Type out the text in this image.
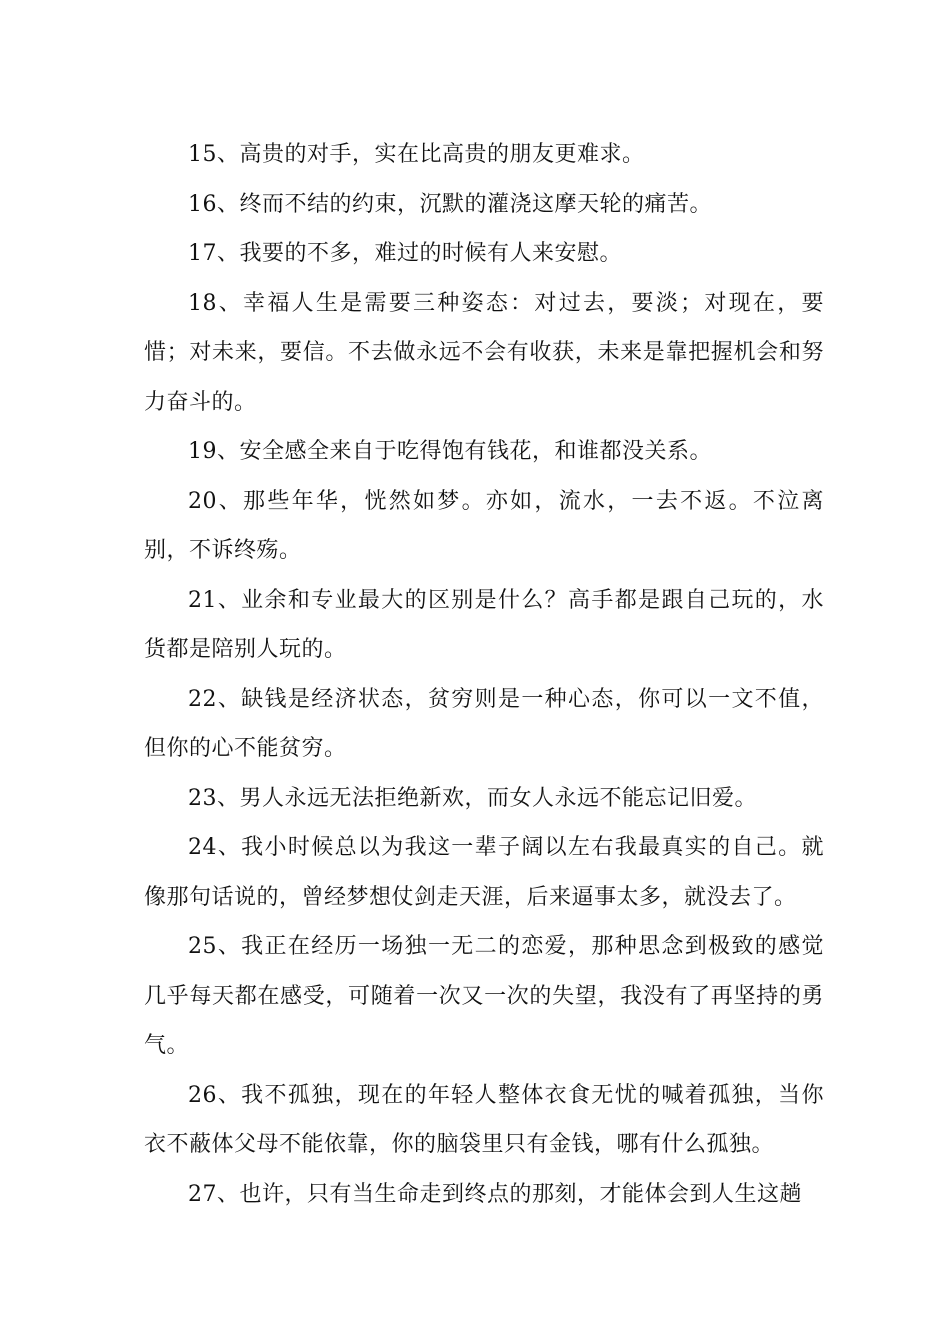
15、高贵的对手，实在比高贵的朋友更难求。

16、终而不结的约束，沉默的灌浇这摩天轮的痛苦。

17、我要的不多，难过的时候有人来安慰。

18、幸福人生是需要三种姿态：对过去，要淡；对现在，要惜；对未来，要信。不去做永远不会有收获，未来是靠把握机会和努力奋斗的。

19、安全感全来自于吃得饱有钱花，和谁都没关系。

20、那些年华，恍然如梦。亦如，流水，一去不返。不泣离别，不诉终殇。

21、业余和专业最大的区别是什么？高手都是跟自己玩的，水货都是陪别人玩的。

22、缺钱是经济状态，贫穷则是一种心态，你可以一文不值，但你的心不能贫穷。

23、男人永远无法拒绝新欢，而女人永远不能忘记旧爱。

24、我小时候总以为我这一辈子阔以左右我最真实的自己。就像那句话说的，曾经梦想仗剑走天涯，后来逼事太多，就没去了。

25、我正在经历一场独一无二的恋爱，那种思念到极致的感觉几乎每天都在感受，可随着一次又一次的失望，我没有了再坚持的勇气。

26、我不孤独，现在的年轻人整体衣食无忧的喊着孤独，当你衣不蔽体父母不能依靠，你的脑袋里只有金钱，哪有什么孤独。

27、也许，只有当生命走到终点的那刻，才能体会到人生这趟
